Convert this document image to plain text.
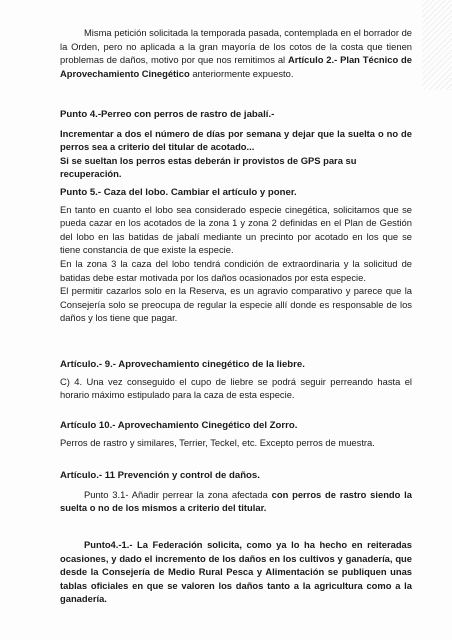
Misma petición solicitada la temporada pasada, contemplada en el borrador de la Orden, pero no aplicada a la gran mayoría de los cotos de la costa que tienen problemas de daños, motivo por que nos remitimos al Artículo 2.- Plan Técnico de Aprovechamiento Cinegético anteriormente expuesto.

Punto 4.-Perreo con perros de rastro de jabalí.-

Incrementar a dos el número de días por semana y dejar que la suelta o no de perros sea a criterio del titular de acotado...

Si se sueltan los perros estas deberán ir provistos de GPS para su recuperación.

Punto 5.- Caza del lobo. Cambiar el artículo y poner.

En tanto en cuanto el lobo sea considerado especie cinegética, solicitamos que se pueda cazar en los acotados de la zona 1 y zona 2 definidas en el Plan de Gestión del lobo en las batidas de jabalí mediante un precinto por acotado en los que se tiene constancia de que existe la especie.

En la zona 3 la caza del lobo tendrá condición de extraordinaria y la solicitud de batidas debe estar motivada por los daños ocasionados por esta especie.

El permitir cazarlos solo en la Reserva, es un agravio comparativo y parece que la Consejería solo se preocupa de regular la especie allí donde es responsable de los daños y los tiene que pagar.

Artículo.- 9.- Aprovechamiento cinegético de la liebre.

C) 4. Una vez conseguido el cupo de liebre se podrá seguir perreando hasta el horario máximo estipulado para la caza de esta especie.

Artículo 10.- Aprovechamiento Cinegético del Zorro.

Perros de rastro y similares, Terrier, Teckel, etc. Excepto perros de muestra.

Artículo.- 11 Prevención y control de daños.

Punto 3.1- Añadir perrear la zona afectada con perros de rastro siendo la suelta o no de los mismos a criterio del titular.

Punto4.-1.- La Federación solicita, como ya lo ha hecho en reiteradas ocasiones, y dado el incremento de los daños en los cultivos y ganadería, que desde la Consejería de Medio Rural Pesca y Alimentación se publiquen unas tablas oficiales en que se valoren los daños tanto a la agricultura como a la ganadería.
